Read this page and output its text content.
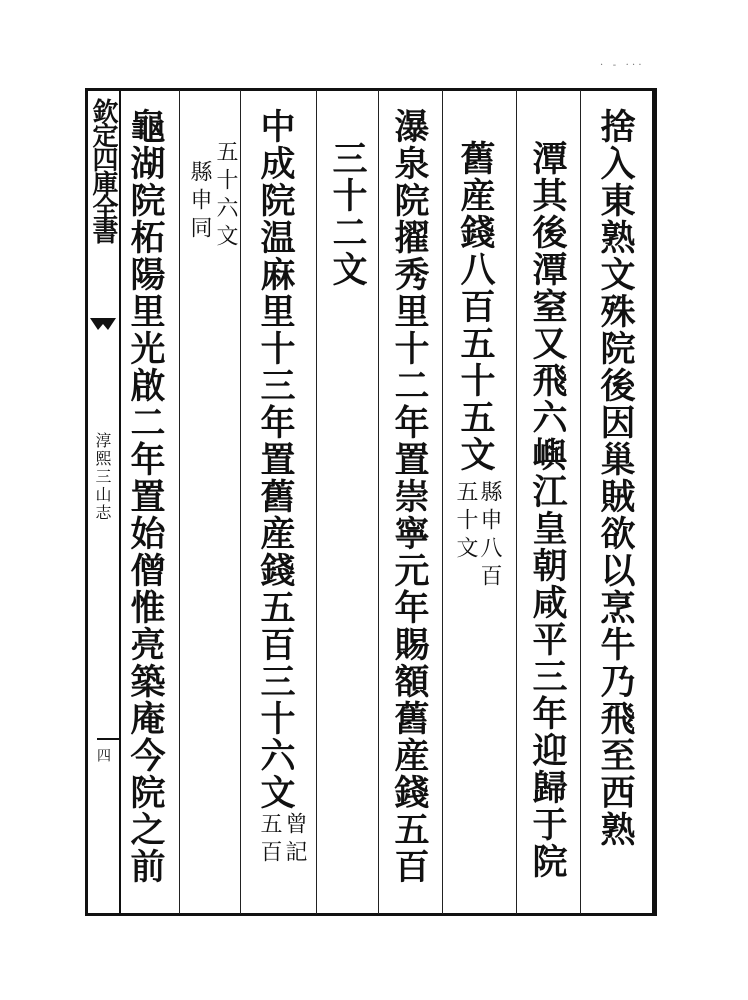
·   -   · · ·
欽定四庫全書
淳熙三山志
四	捨入東熟文殊院後因巢賊欲以烹牛乃飛至西熟
潭其後潭窒又飛六嶼江皇朝咸平三年迎歸于院
舊産錢八百五十五文
縣申八百
五十文
瀑泉院擢秀里十二年置崇寧元年賜額舊産錢五百
三十二文
中成院温麻里十三年置舊産錢五百三十六文
曾記
五百
五十六文
縣申同
龜湖院柘陽里光啟二年置始僧惟亮築庵今院之前
